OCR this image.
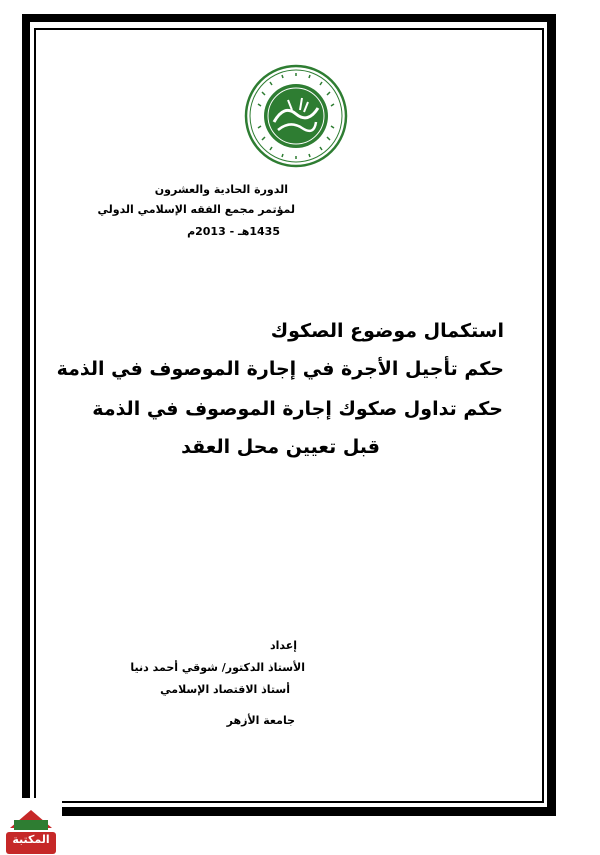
الدورة الحادية والعشرون
لمؤتمر مجمع الفقه الإسلامي الدولي
1435هـ - 2013م
استكمال موضوع الصكوك
حكم تأجيل الأجرة في إجارة الموصوف في الذمة
حكم تداول صكوك إجارة الموصوف في الذمة
قبل تعيين محل العقد
إعداد
الأستاذ الدكتور/ شوقي أحمد دنيا
أستاذ الاقتصاد الإسلامي
جامعة الأزهر
المكتبة
